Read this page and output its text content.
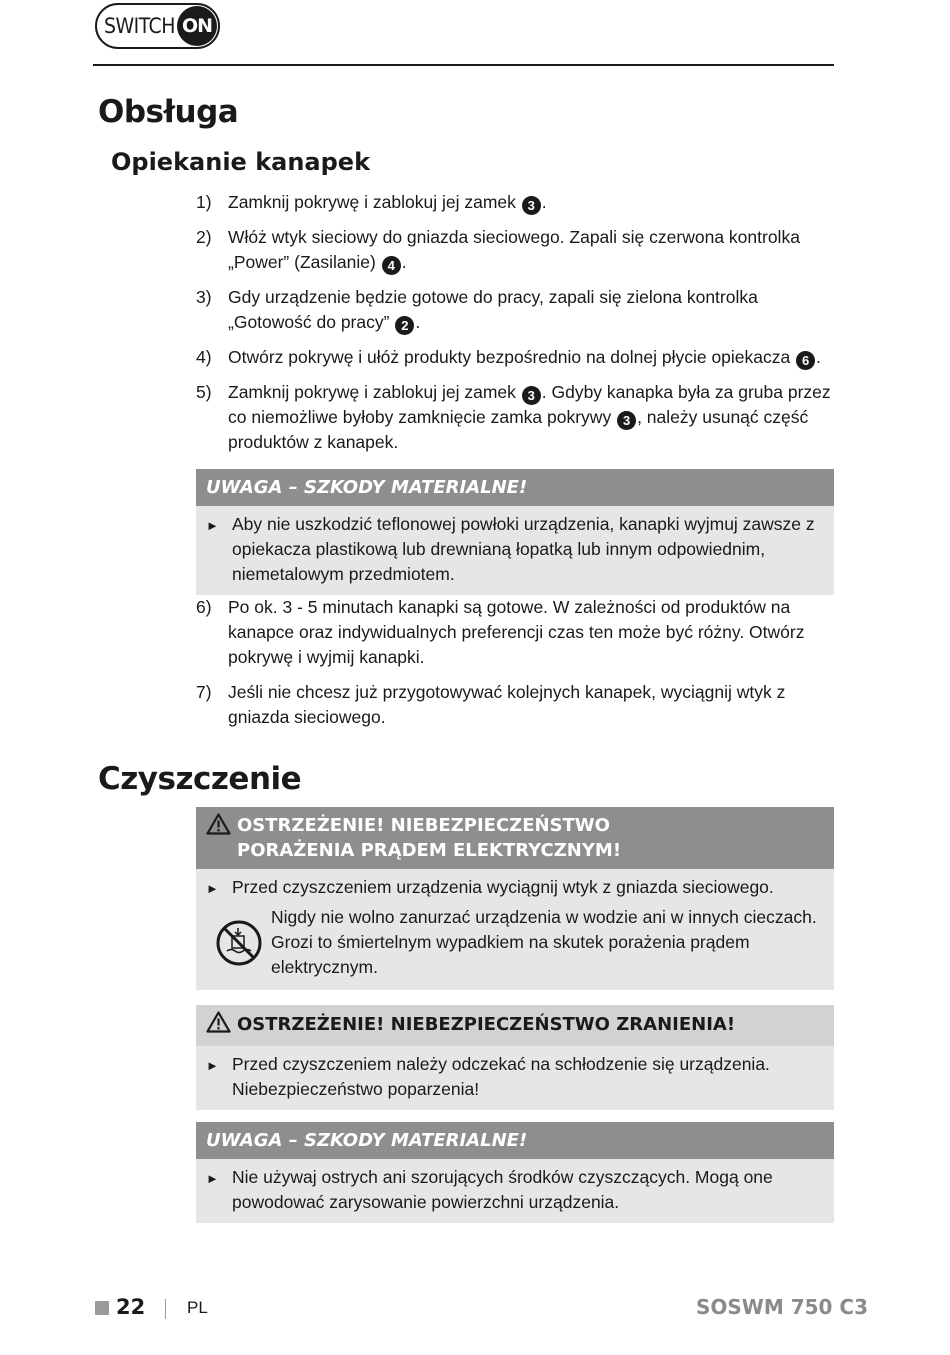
SWITCH ON
Obsługa
Opiekanie kanapek
1) Zamknij pokrywę i zablokuj jej zamek 3 .
2) Włóż wtyk sieciowy do gniazda sieciowego. Zapali się czerwona kontrolka „Power” (Zasilanie) 4 .
3) Gdy urządzenie będzie gotowe do pracy, zapali się zielona kontrolka „Gotowość do pracy” 2 .
4) Otwórz pokrywę i ułóż produkty bezpośrednio na dolnej płycie opiekacza 6 .
5) Zamknij pokrywę i zablokuj jej zamek 3 . Gdyby kanapka była za gruba przez co niemożliwe byłoby zamknięcie zamka pokrywy 3 , należy usunąć część produktów z kanapek.
UWAGA – SZKODY MATERIALNE!
► Aby nie uszkodzić teflonowej powłoki urządzenia, kanapki wyjmuj zawsze z opiekacza plastikową lub drewnianą łopatką lub innym odpowiednim, niemetalowym przedmiotem.
6) Po ok. 3 - 5 minutach kanapki są gotowe. W zależności od produktów na kanapce oraz indywidualnych preferencji czas ten może być różny. Otwórz pokrywę i wyjmij kanapki.
7) Jeśli nie chcesz już przygotowywać kolejnych kanapek, wyciągnij wtyk z gniazda sieciowego.
Czyszczenie
OSTRZEŻENIE! NIEBEZPIECZEŃSTWO
PORAŻENIA PRĄDEM ELEKTRYCZNYM!
► Przed czyszczeniem urządzenia wyciągnij wtyk z gniazda sieciowego.
Nigdy nie wolno zanurzać urządzenia w wodzie ani w innych cieczach. Grozi to śmiertelnym wypadkiem na skutek porażenia prądem elektrycznym.
OSTRZEŻENIE! NIEBEZPIECZEŃSTWO ZRANIENIA!
► Przed czyszczeniem należy odczekać na schłodzenie się urządzenia. Niebezpieczeństwo poparzenia!
UWAGA – SZKODY MATERIALNE!
► Nie używaj ostrych ani szorujących środków czyszczących. Mogą one powodować zarysowanie powierzchni urządzenia.
22 PL	SOSWM 750 C3
